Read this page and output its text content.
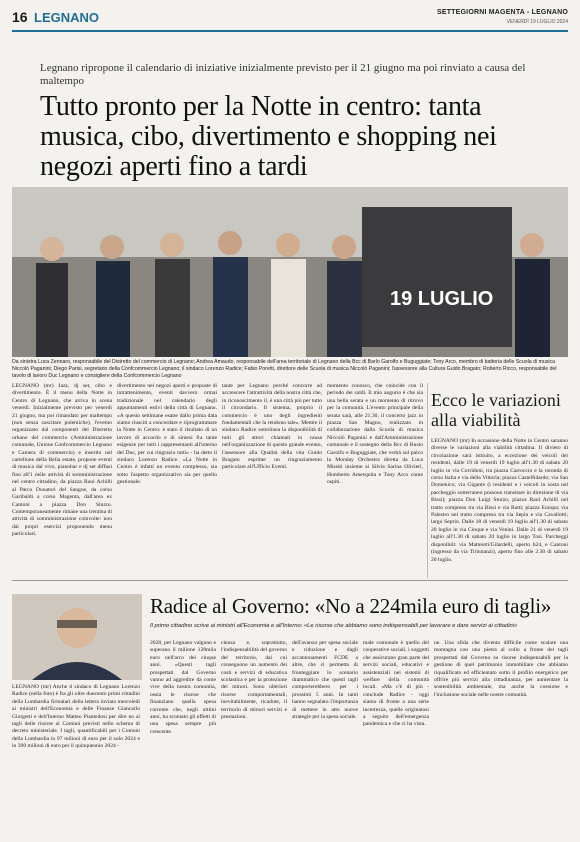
16 LEGNANO	SETTEGIORNI MAGENTA - LEGNANO
VENERDÌ 19 LUGLIO 2024
Legnano ripropone il calendario di iniziative inizialmente previsto per il 21 giugno ma poi rinviato a causa del maltempo
Tutto pronto per la Notte in centro: tanta musica, cibo, divertimento e shopping nei negozi aperti fino a tardi
19 LUGLIO
Da sinistra Luca Zennaro, responsabile del Distretto del commercio di Legnano; Andrea Amaudo, responsabile dell'area territoriale di Legnano della Bcc di Barlo Garolfo e Buguggiate; Tony Arco, membro di batteria delle Scuola di musica Niccolò Paganini; Diego Parisi, segretario della Confcommercio Legnano; il sindaco Lorenzo Radice; Fabio Poretti, direttore delle Scuola di musica Niccolò Paganini; l'assessore alla Cultura Guido Bragato; Roberto Ricco, responsabile del tavolo di lavoro Duc Legnano e consigliere della Confcommercio Legnano
LEGNANO (mr) Jazz, dj set, cibo e divertimento. È il menu della Notte in Centro di Legnano, che arriva in scena venerdì. Inizialmente previsto per venerdì 21 giugno, ma poi rimandato per maltempo (non senza suscitare polemiche), l'evento organizzato dal componenti del Distretto urbano del commercio (Amministrazione comunale, Unione Confcommercio Legnano e Camera di commercio) e inserito nel cartellone della Bella estate, propone eventi di musica dal vivo, pianobar e dj set diffusi fino all'1 nelle attività di somministrazione nel centro cittadino, da piazza Raul Achilli al Parco Donatori del Sangue, da corso Garibaldi a corso Magenta, dall'area ex Cantoni a piazza Don Sturzo. Contemporaneamente rimane una trentina di attività di somministrazione coinvolte: non dai propri esercizi proponendo menu particolari.
divertimento nei negozi aperti e proposte di intrattenimento, eventi davvero ormai tradizionale nel calendario degli appuntamenti estivi della città di Legnano. «A questo settimane esatte dallo prima data siamo riusciti a concordare e riprogrammare la Notte in Centro: è stato il risultato di un lavoro di accordo e di sintesi fra tante esigenze per tutti i rappresentanti all'interno del Duc, per cui ringrazio tutti» - ha detto il sindaco Lorenzo Radice. «La Notte in Centro è infatti un evento complesso, sia sotto l'aspetto organizzativo sia per quello gestionale.
tante per Legnano perché concorre ad accrescere l'attrattività della nostra città che, in riconoscimento il, è una città più per tutto il circondario. Il sistema, proprio il commercio è uno degli ingredienti fondamentali che la rendono tale». Mentre il sindaco Radice sottolinea la disponibilità di tutti gli attori chiamati in causa nell'organizzazione di questo grande evento, l'assessore alla Qualità della vita Guido Bragato esprime un ringraziamento particolare all'Ufficio Eventi.
momento conosco, che coincide con il periodo dei saldi. Il mio augurio è che sia una bella serata e un momento di ritrovo per la comunità. L'evento principale della serata sarà, alle 21.30, il concerto jazz in piazza San Magno, realizzato in collaborazione dalla Scuola di musica Niccolò Paganini e dall'Amministrazione comunale e il sostegno della Bcc di Busto Garolfo e Buguggiate, che vedrà sul palco la Monday Orchestra diretta da Luca Missiti insieme ai Silvia Sarina Olivieri, Humberto Amesquita e Tony Arco come ospiti.
Ecco le variazioni alla viabilità
LEGNANO (mr) In occasione della Notte in Centro saranno diverse le variazioni alla viabilità cittadina. Il divieto di circolazione sarà istituito, a eccezione dei veicoli dei residenti, dalle 19 di venerdì 19 luglio all'1.30 di sabato 20 luglio in via Corridoni, tra piazza Carroccio e la rotonda di corso Italia e via della Vittoria; piazza Castelfidardo; via San Domenico; via Gigante (i residenti e i veicoli in sosta nel parcheggio sotterraneo possono transitare in direzione di via Bissi); piazza Don Luigi Sturzo, piazza Raul Achilli nel tratto compreso tra via Bissi e via Ratti; piazza Europa; via Palestro nel tratto compreso tra via Sepin e via Cavallotti; largo Seprio. Dalle 18 di venerdì 19 luglio all'1.30 di sabato 20 luglio in via Cinque e via Venini. Dalle 21 di venerdì 19 luglio all'1.30 di sabato 20 luglio in largo Tosi. Parcheggi disponibili: via Matteotti/Gilardelli, aperto h24, e Cantoni (ingresso da via Tirinnanzi), aperto fino alle 2.30 di sabato 20 luglio.
Radice al Governo: «No a 224mila euro di tagli»
Il primo cittadino scrive ai ministri all'Economia e all'Interno: «Le risorse che abbiamo sono indispensabili per lavorare e dare servizi ai cittadini»
LEGNANO (mr) Anche il sindaco di Legnano Lorenzo Radice (nella foto) è fra gli oltre duecento primi cittadini della Lombardia firmatari della lettera inviata mercoledì ai ministri dell'Economia e delle Finanze Giancarlo Giorgetti e dell'Interno Matteo Piantedosi per dire no ai tagli delle risorse ai Comuni previsti nello schema di decreto ministeriale. I tagli, quantificabili per i Comuni della Lombardia in 97 milioni di euro per il solo 2024 e in 390 milioni di euro per il quinquennio 2024 -
2028, per Legnano valgono e superano il milione 128mila euro nell'arco dei cinque anni. «Questi tagli prospettati dal Governo vanno ad aggredire da come vive della nostra comunità, ossia le risorse che finanziano quella spesa corrente che, negli ultimi anni, ha scontato gli effetti di una spesa sempre più crescente.
cienza e, soprattutto, l'indispensabilità del governo del territorio, dai cui conseguono un aumento dei costi e servizi di educativa scolastica e per la protezione dei minori. Sono ulteriori risorse comportamentali, inevitabilmente, ricadute, il territorio di minori servizi e prestazioni.
dell'avanzo per spesa sociale e riduzione e dagli accantonamenti FCDE a altre, che ci permetta di fronteggiare lo scenario drammatico che questi tagli comporterebbero per i prossimi 5 anni. In tanti hanno segnalato l'importanza di mettere in atto nuove strategie per la spesa sociale.
male comunale è quello del cooperative sociali, i soggetti che assicurano gran parte del servizi sociali, educativi e assistenziali nei sistemi di welfare della comunità locali. «Ma c'è di più - conclude Radice - oggi siamo di fronte a una serie incertezza, quelle originatosi a seguito dell'emergenza pandemica e che ci ha vista.
ne. Una sfida che diventa difficile come scalare una montagna con una pietra al collo a fronte dei tagli prospettati dal Governo su risorse indispensabili per la gestione di quel patrimonio immobiliare che abbiamo riqualificato ed efficientato sotto il profilo energetico per offrire più servizi alla cittadinanza, per aumentare la sostenibilità ambientale, ma anche la coesione e l'inclusione sociale nelle nostre comunità.
